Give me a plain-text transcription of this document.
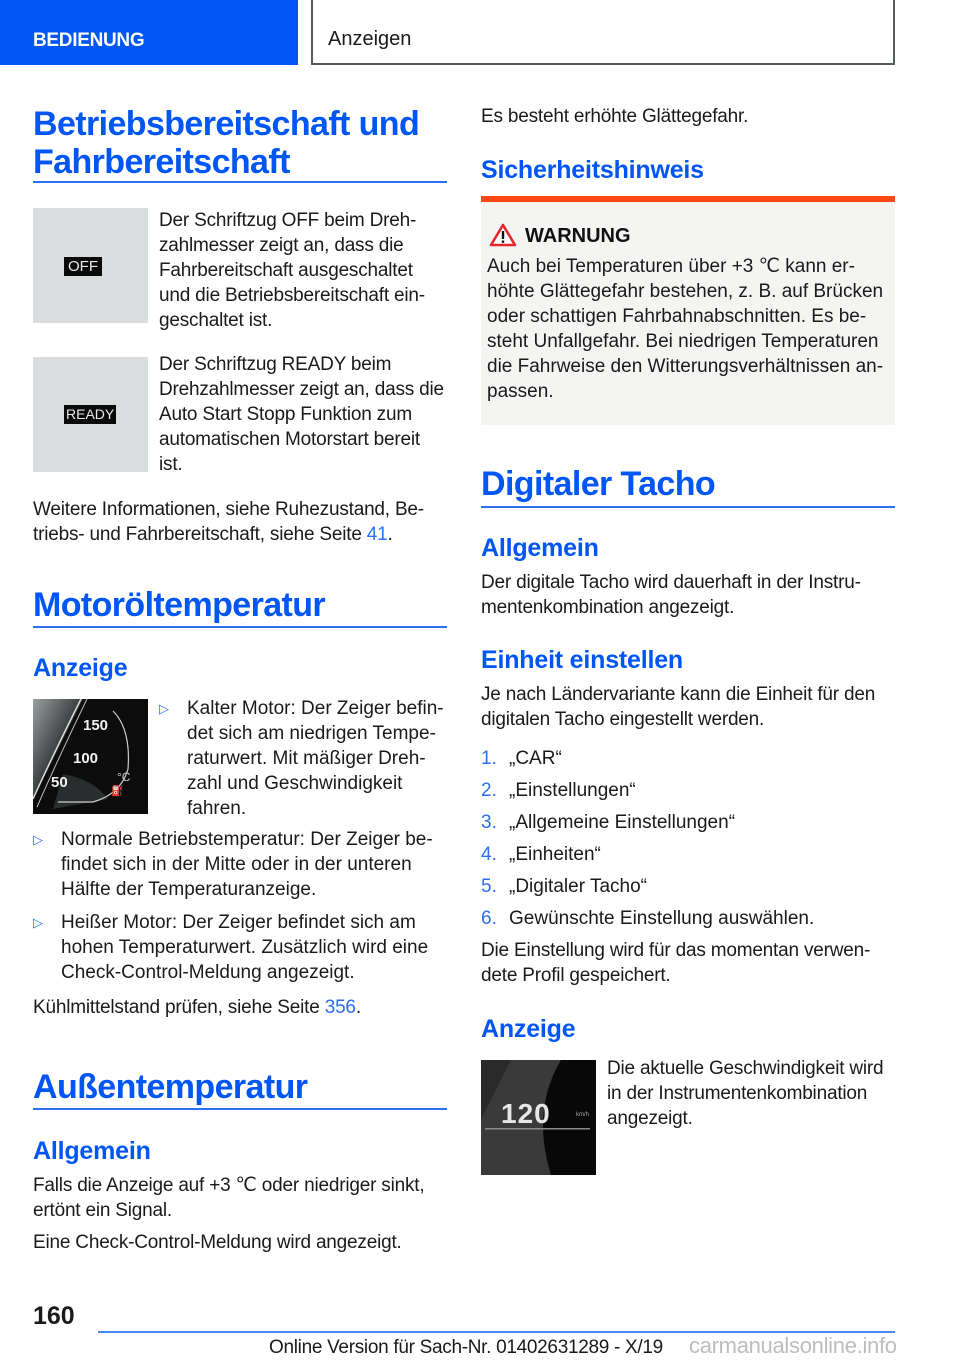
BEDIENUNG	Anzeigen
Betriebsbereitschaft und
Fahrbereitschaft
OFF
Der Schriftzug OFF beim Dreh-
zahlmesser zeigt an, dass die
Fahrbereitschaft ausgeschaltet
und die Betriebsbereitschaft ein-
geschaltet ist.
READY
Der Schriftzug READY beim
Drehzahlmesser zeigt an, dass die
Auto Start Stopp Funktion zum
automatischen Motorstart bereit
ist.
Weitere Informationen, siehe Ruhezustand, Be-
triebs- und Fahrbereitschaft, siehe Seite 41.
Motoröltemperatur
Anzeige
150
100
50	°C
⛽
▷ Kalter Motor: Der Zeiger befin-
det sich am niedrigen Tempe-
raturwert. Mit mäßiger Dreh-
zahl und Geschwindigkeit
fahren.
▷ Normale Betriebstemperatur: Der Zeiger be-
findet sich in der Mitte oder in der unteren
Hälfte der Temperaturanzeige.
▷ Heißer Motor: Der Zeiger befindet sich am
hohen Temperaturwert. Zusätzlich wird eine
Check-Control-Meldung angezeigt.
Kühlmittelstand prüfen, siehe Seite 356.
Außentemperatur
Allgemein
Falls die Anzeige auf +3 ℃ oder niedriger sinkt,
ertönt ein Signal.
Eine Check-Control-Meldung wird angezeigt.
Es besteht erhöhte Glättegefahr.
Sicherheitshinweis
WARNUNG
Auch bei Temperaturen über +3 ℃ kann er-
höhte Glättegefahr bestehen, z. B. auf Brücken
oder schattigen Fahrbahnabschnitten. Es be-
steht Unfallgefahr. Bei niedrigen Temperaturen
die Fahrweise den Witterungsverhältnissen an-
passen.
Digitaler Tacho
Allgemein
Der digitale Tacho wird dauerhaft in der Instru-
mentenkombination angezeigt.
Einheit einstellen
Je nach Ländervariante kann die Einheit für den
digitalen Tacho eingestellt werden.
1. „CAR“
2. „Einstellungen“
3. „Allgemeine Einstellungen“
4. „Einheiten“
5. „Digitaler Tacho“
6. Gewünschte Einstellung auswählen.
Die Einstellung wird für das momentan verwen-
dete Profil gespeichert.
Anzeige
120	km/h
Die aktuelle Geschwindigkeit wird
in der Instrumentenkombination
angezeigt.
160
Online Version für Sach-Nr. 01402631289 - X/19 carmanualsonline.info
